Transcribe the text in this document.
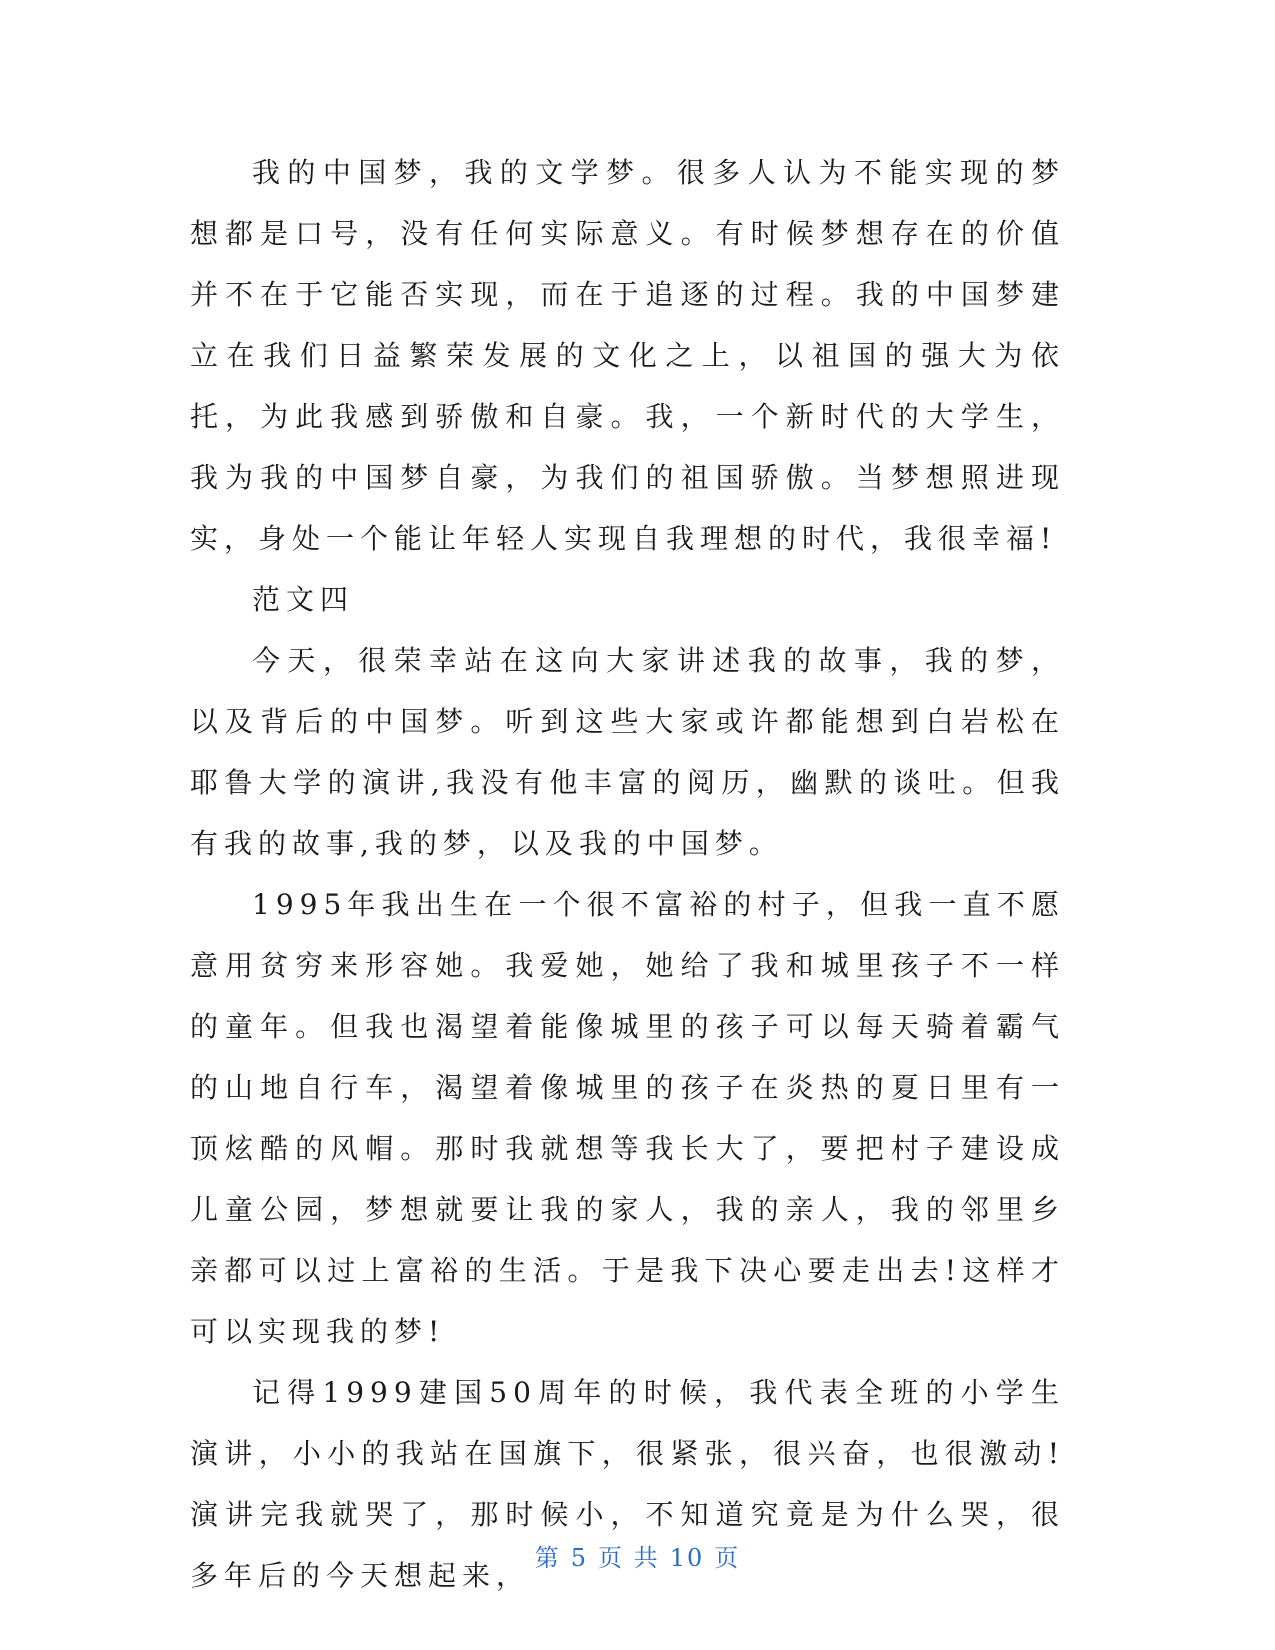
我的中国梦，我的文学梦。很多人认为不能实现的梦想都是口号，没有任何实际意义。有时候梦想存在的价值并不在于它能否实现，而在于追逐的过程。我的中国梦建立在我们日益繁荣发展的文化之上，以祖国的强大为依托，为此我感到骄傲和自豪。我，一个新时代的大学生，我为我的中国梦自豪，为我们的祖国骄傲。当梦想照进现实，身处一个能让年轻人实现自我理想的时代，我很幸福!

范文四

今天，很荣幸站在这向大家讲述我的故事，我的梦，以及背后的中国梦。听到这些大家或许都能想到白岩松在耶鲁大学的演讲,我没有他丰富的阅历，幽默的谈吐。但我有我的故事,我的梦，以及我的中国梦。

1995年我出生在一个很不富裕的村子，但我一直不愿意用贫穷来形容她。我爱她，她给了我和城里孩子不一样的童年。但我也渴望着能像城里的孩子可以每天骑着霸气的山地自行车，渴望着像城里的孩子在炎热的夏日里有一顶炫酷的风帽。那时我就想等我长大了，要把村子建设成儿童公园，梦想就要让我的家人，我的亲人，我的邻里乡亲都可以过上富裕的生活。于是我下决心要走出去!这样才可以实现我的梦!

记得1999建国50周年的时候，我代表全班的小学生演讲，小小的我站在国旗下，很紧张，很兴奋，也很激动!演讲完我就哭了，那时候小，不知道究竟是为什么哭，很多年后的今天想起来，

第 5 页 共 10 页
